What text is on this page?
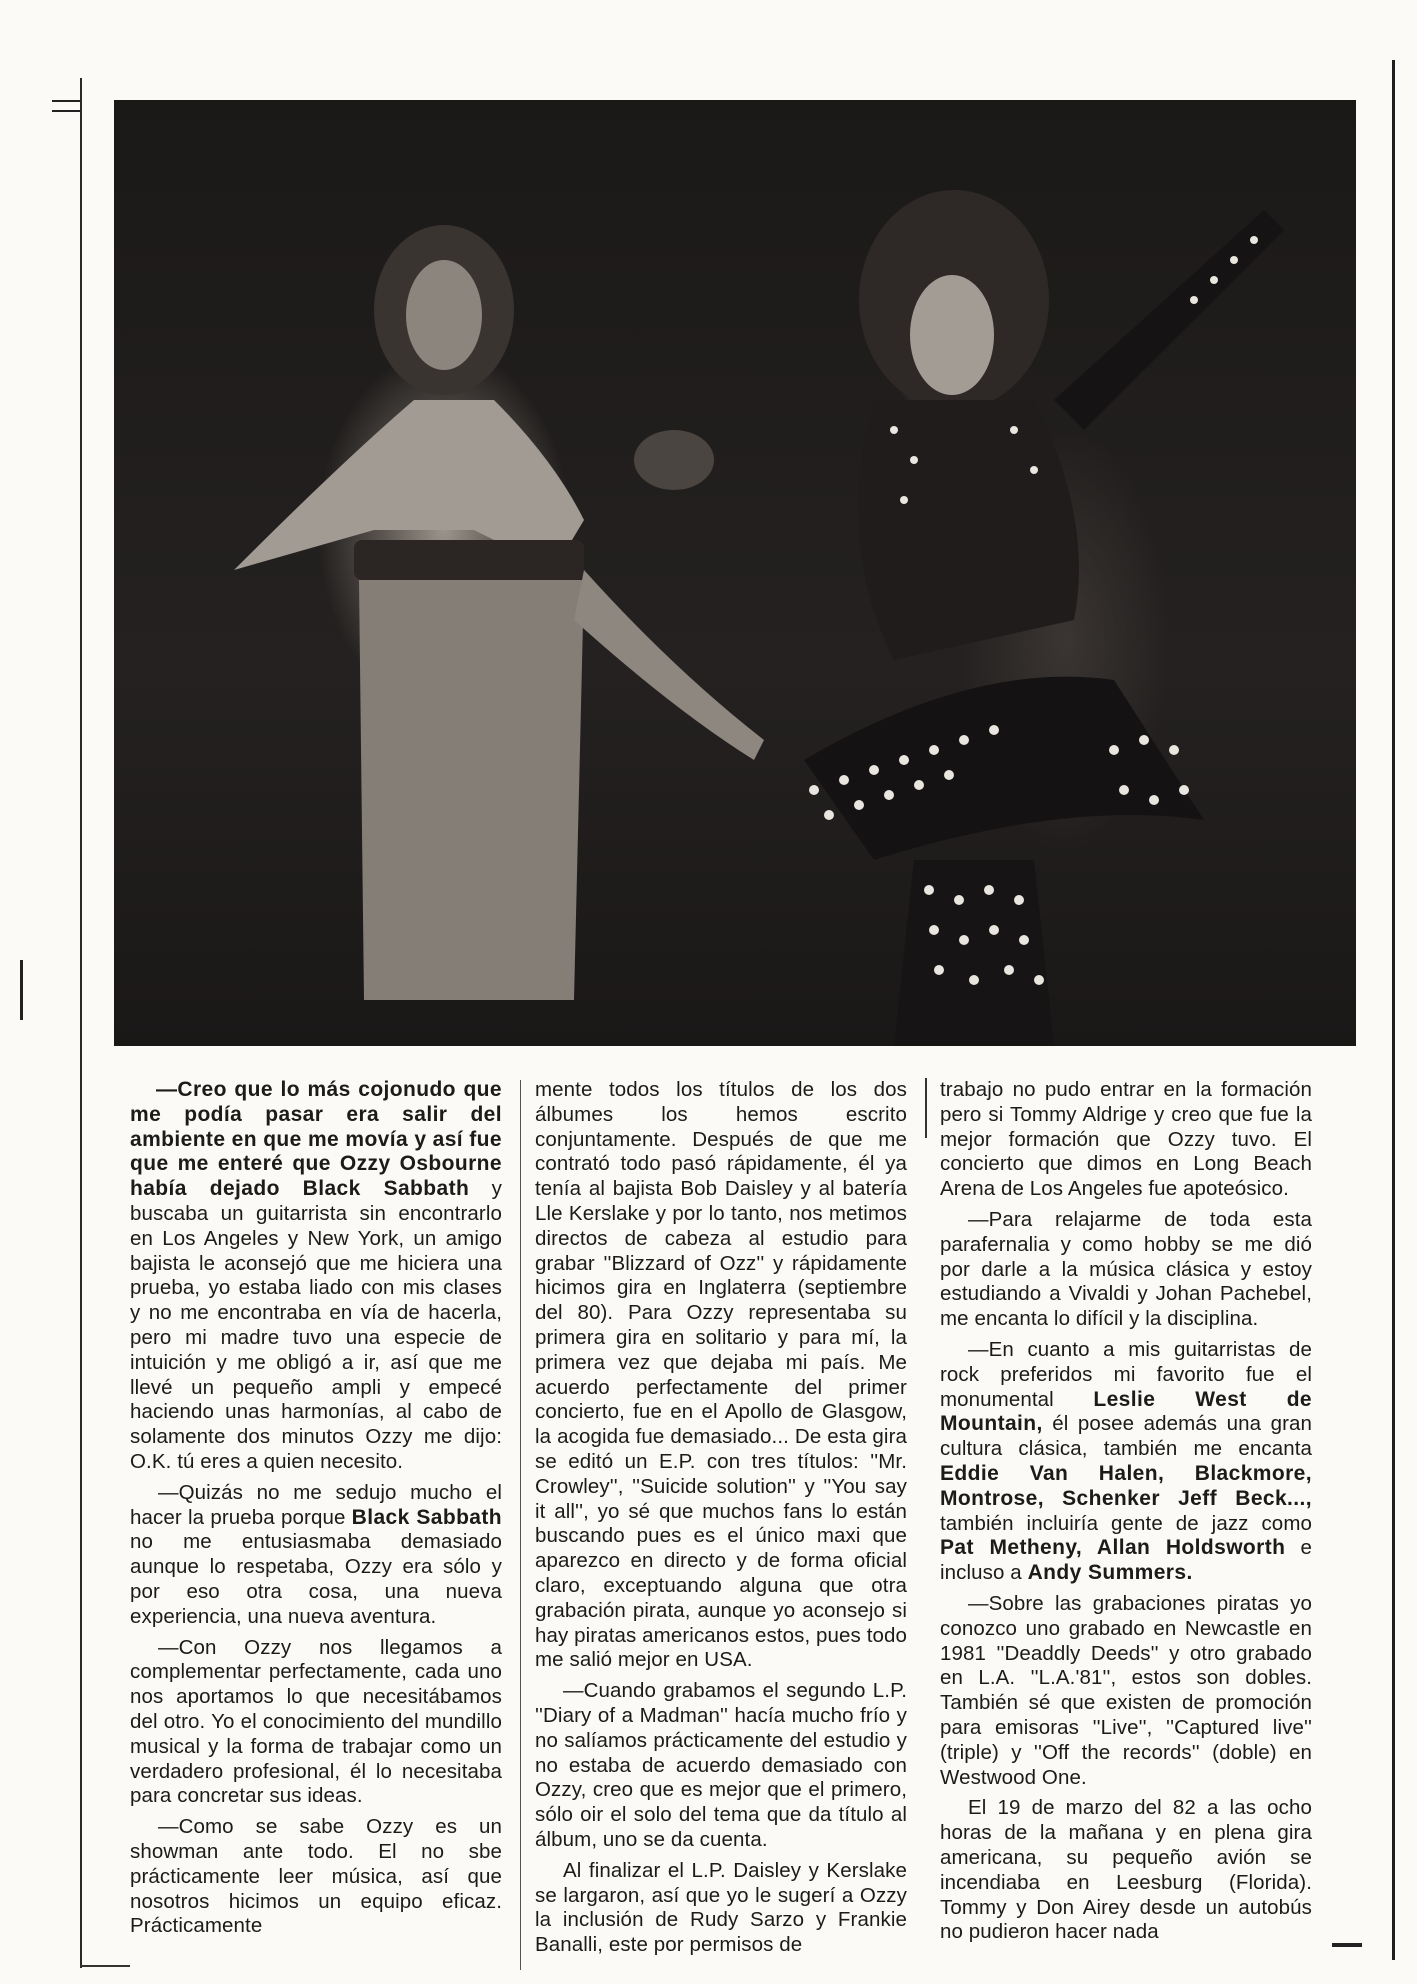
—Creo que lo más cojonudo que me podía pasar era salir del ambiente en que me movía y así fue que me enteré que Ozzy Osbourne había dejado Black Sabbath y buscaba un guitarrista sin encontrarlo en Los Angeles y New York, un amigo bajista le aconsejó que me hiciera una prueba, yo estaba liado con mis clases y no me encontraba en vía de hacerla, pero mi madre tuvo una especie de intuición y me obligó a ir, así que me llevé un pequeño ampli y empecé haciendo unas harmonías, al cabo de solamente dos minutos Ozzy me dijo: O.K. tú eres a quien necesito.

—Quizás no me sedujo mucho el hacer la prueba porque Black Sabbath no me entusiasmaba demasiado aunque lo respetaba, Ozzy era sólo y por eso otra cosa, una nueva experiencia, una nueva aventura.

—Con Ozzy nos llegamos a complementar perfectamente, cada uno nos aportamos lo que necesitábamos del otro. Yo el conocimiento del mundillo musical y la forma de trabajar como un verdadero profesional, él lo necesitaba para concretar sus ideas.

—Como se sabe Ozzy es un showman ante todo. El no sbe prácticamente leer música, así que nosotros hicimos un equipo eficaz. Prácticamente

mente todos los títulos de los dos álbumes los hemos escrito conjuntamente. Después de que me contrató todo pasó rápidamente, él ya tenía al bajista Bob Daisley y al batería Lle Kerslake y por lo tanto, nos metimos directos de cabeza al estudio para grabar ''Blizzard of Ozz'' y rápidamente hicimos gira en Inglaterra (septiembre del 80). Para Ozzy representaba su primera gira en solitario y para mí, la primera vez que dejaba mi país. Me acuerdo perfectamente del primer concierto, fue en el Apollo de Glasgow, la acogida fue demasiado... De esta gira se editó un E.P. con tres títulos: ''Mr. Crowley'', ''Suicide solution'' y ''You say it all'', yo sé que muchos fans lo están buscando pues es el único maxi que aparezco en directo y de forma oficial claro, exceptuando alguna que otra grabación pirata, aunque yo aconsejo si hay piratas americanos estos, pues todo me salió mejor en USA.

—Cuando grabamos el segundo L.P. ''Diary of a Madman'' hacía mucho frío y no salíamos prácticamente del estudio y no estaba de acuerdo demasiado con Ozzy, creo que es mejor que el primero, sólo oir el solo del tema que da título al álbum, uno se da cuenta.

Al finalizar el L.P. Daisley y Kerslake se largaron, así que yo le sugerí a Ozzy la inclusión de Rudy Sarzo y Frankie Banalli, este por permisos de

trabajo no pudo entrar en la formación pero si Tommy Aldrige y creo que fue la mejor formación que Ozzy tuvo. El concierto que dimos en Long Beach Arena de Los Angeles fue apoteósico.

—Para relajarme de toda esta parafernalia y como hobby se me dió por darle a la música clásica y estoy estudiando a Vivaldi y Johan Pachebel, me encanta lo difícil y la disciplina.

—En cuanto a mis guitarristas de rock preferidos mi favorito fue el monumental Leslie West de Mountain, él posee además una gran cultura clásica, también me encanta Eddie Van Halen, Blackmore, Montrose, Schenker Jeff Beck..., también incluiría gente de jazz como Pat Metheny, Allan Holdsworth e incluso a Andy Summers.

—Sobre las grabaciones piratas yo conozco uno grabado en Newcastle en 1981 ''Deaddly Deeds'' y otro grabado en L.A. ''L.A.'81'', estos son dobles. También sé que existen de promoción para emisoras ''Live'', ''Captured live'' (triple) y ''Off the records'' (doble) en Westwood One.

El 19 de marzo del 82 a las ocho horas de la mañana y en plena gira americana, su pequeño avión se incendiaba en Leesburg (Florida). Tommy y Don Airey desde un autobús no pudieron hacer nada
